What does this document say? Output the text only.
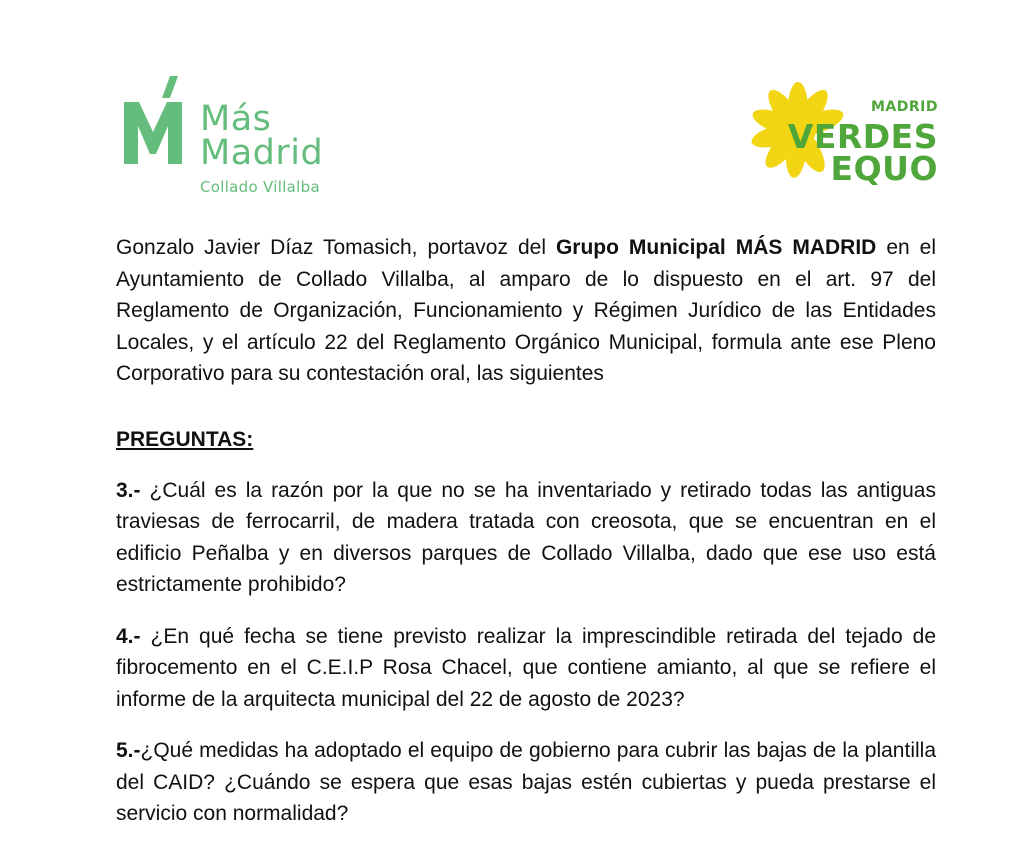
Más
Madrid
Collado Villalba
MADRID
VERDES
EQUO

Gonzalo Javier Díaz Tomasich, portavoz del Grupo Municipal MÁS MADRID en el Ayuntamiento de Collado Villalba, al amparo de lo dispuesto en el art. 97 del Reglamento de Organización, Funcionamiento y Régimen Jurídico de las Entidades Locales, y el artículo 22 del Reglamento Orgánico Municipal, formula ante ese Pleno Corporativo para su contestación oral, las siguientes

PREGUNTAS:

3.- ¿Cuál es la razón por la que no se ha inventariado y retirado todas las antiguas traviesas de ferrocarril, de madera tratada con creosota, que se encuentran en el edificio Peñalba y en diversos parques de Collado Villalba, dado que ese uso está estrictamente prohibido?

4.- ¿En qué fecha se tiene previsto realizar la imprescindible retirada del tejado de fibrocemento en el C.E.I.P Rosa Chacel, que contiene amianto, al que se refiere el informe de la arquitecta municipal del 22 de agosto de 2023?

5.-¿Qué medidas ha adoptado el equipo de gobierno para cubrir las bajas de la plantilla del CAID? ¿Cuándo se espera que esas bajas estén cubiertas y pueda prestarse el servicio con normalidad?
